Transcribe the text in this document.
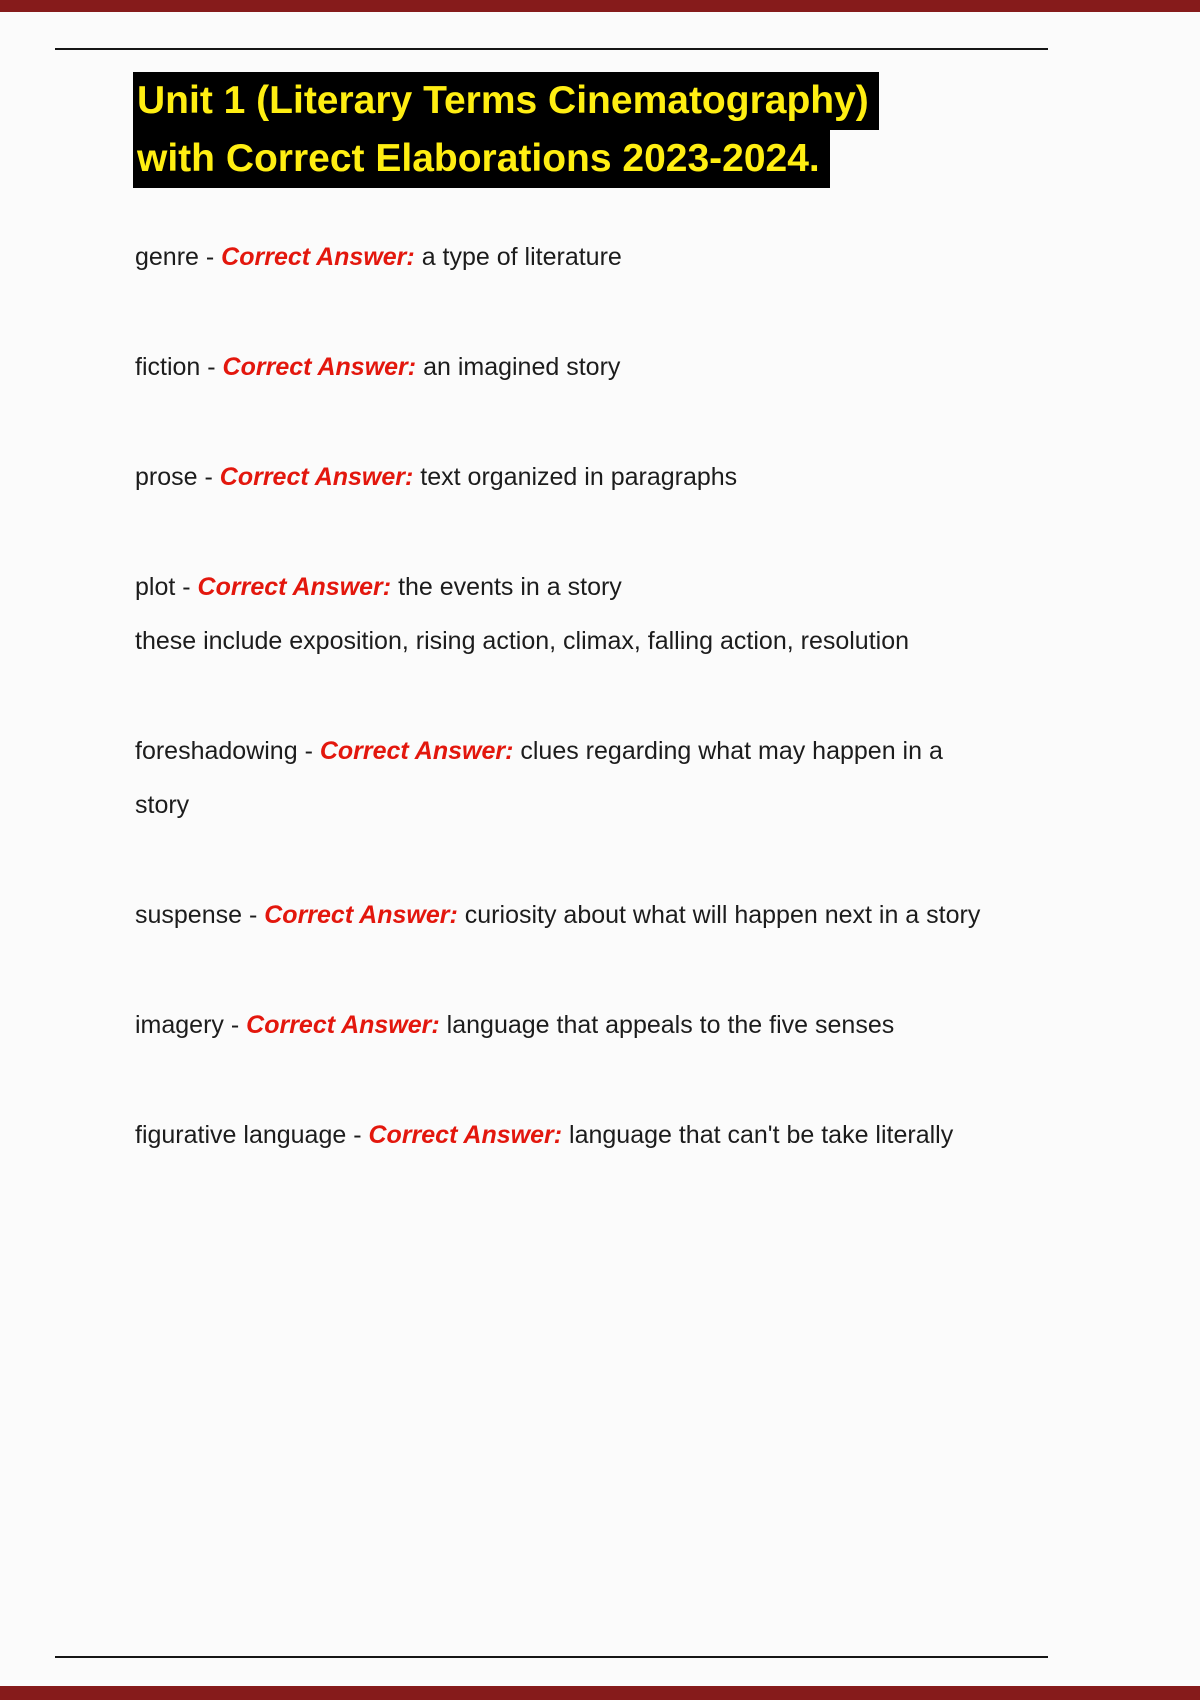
Unit 1 (Literary Terms Cinematography)
with Correct Elaborations 2023-2024.

genre - Correct Answer: a type of literature

fiction - Correct Answer: an imagined story

prose - Correct Answer: text organized in paragraphs

plot - Correct Answer: the events in a story
these include exposition, rising action, climax, falling action, resolution

foreshadowing - Correct Answer: clues regarding what may happen in a story

suspense - Correct Answer: curiosity about what will happen next in a story

imagery - Correct Answer: language that appeals to the five senses

figurative language - Correct Answer: language that can't be take literally
